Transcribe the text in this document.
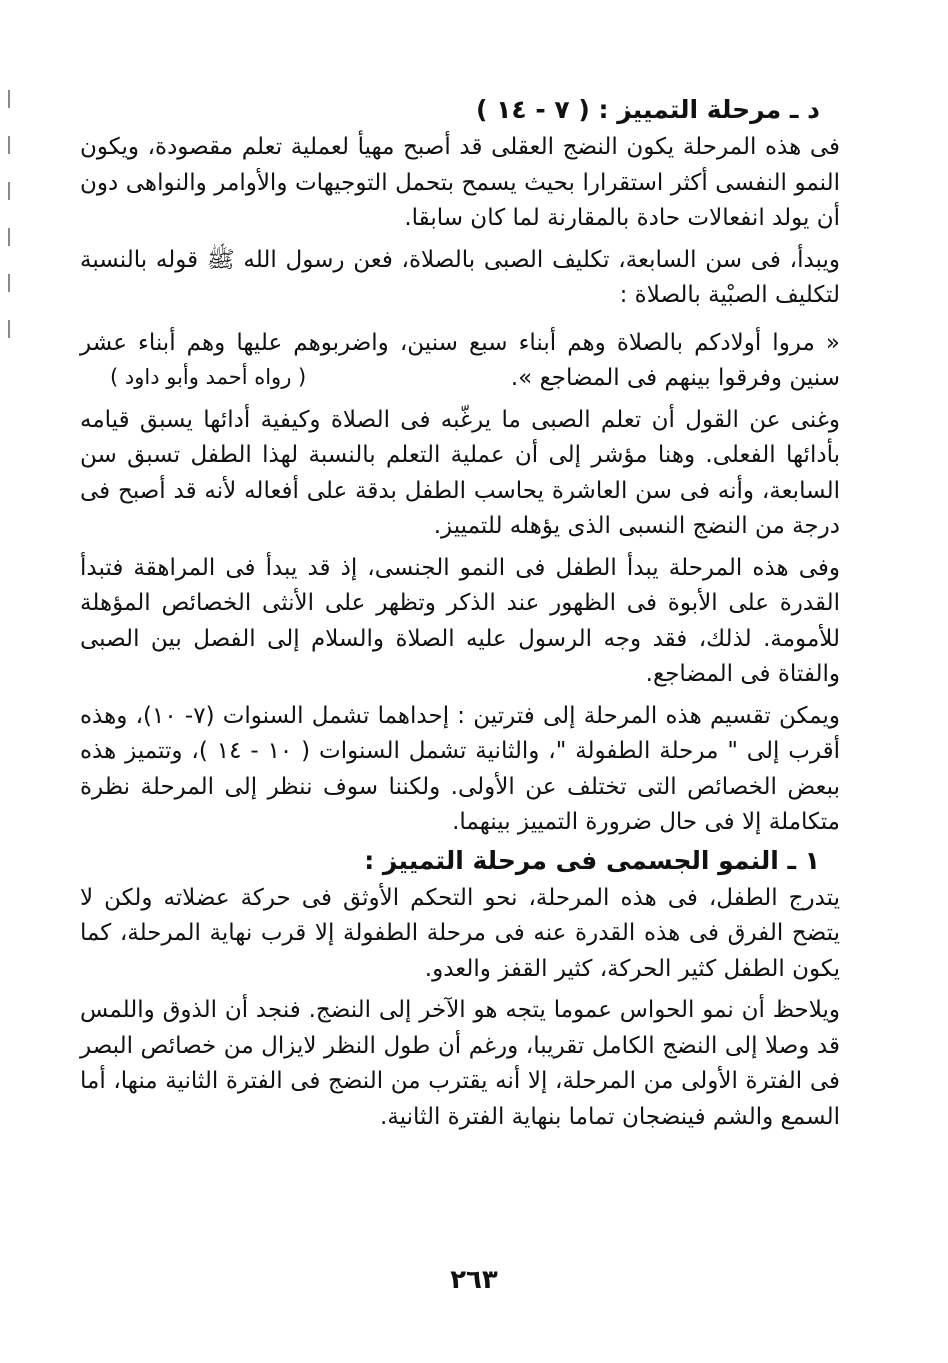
د ـ مرحلة التمييز : ( ٧ - ١٤ )

فى هذه المرحلة يكون النضج العقلى قد أصبح مهيأ لعملية تعلم مقصودة، ويكون النمو النفسى أكثر استقرارا بحيث يسمح بتحمل التوجيهات والأوامر والنواهى دون أن يولد انفعالات حادة بالمقارنة لما كان سابقا.

ويبدأ، فى سن السابعة، تكليف الصبى بالصلاة، فعن رسول الله ﷺ قوله بالنسبة لتكليف الصبْية بالصلاة :

« مروا أولادكم بالصلاة وهم أبناء سبع سنين، واضربوهم عليها وهم أبناء عشر سنين وفرقوا بينهم فى المضاجع ».

( رواه أحمد وأبو داود )

وغنى عن القول أن تعلم الصبى ما يرغّبه فى الصلاة وكيفية أدائها يسبق قيامه بأدائها الفعلى. وهنا مؤشر إلى أن عملية التعلم بالنسبة لهذا الطفل تسبق سن السابعة، وأنه فى سن العاشرة يحاسب الطفل بدقة على أفعاله لأنه قد أصبح فى درجة من النضج النسبى الذى يؤهله للتمييز.

وفى هذه المرحلة يبدأ الطفل فى النمو الجنسى، إذ قد يبدأ فى المراهقة فتبدأ القدرة على الأبوة فى الظهور عند الذكر وتظهر على الأنثى الخصائص المؤهلة للأمومة. لذلك، فقد وجه الرسول عليه الصلاة والسلام إلى الفصل بين الصبى والفتاة فى المضاجع.

ويمكن تقسيم هذه المرحلة إلى فترتين : إحداهما تشمل السنوات (٧- ١٠)، وهذه أقرب إلى " مرحلة الطفولة "، والثانية تشمل السنوات ( ١٠ - ١٤ )، وتتميز هذه ببعض الخصائص التى تختلف عن الأولى. ولكننا سوف ننظر إلى المرحلة نظرة متكاملة إلا فى حال ضرورة التمييز بينهما.

١ ـ النمو الجسمى فى مرحلة التمييز :

يتدرج الطفل، فى هذه المرحلة، نحو التحكم الأوثق فى حركة عضلاته ولكن لا يتضح الفرق فى هذه القدرة عنه فى مرحلة الطفولة إلا قرب نهاية المرحلة، كما يكون الطفل كثير الحركة، كثير القفز والعدو.

ويلاحظ أن نمو الحواس عموما يتجه هو الآخر إلى النضج. فنجد أن الذوق واللمس قد وصلا إلى النضج الكامل تقريبا، ورغم أن طول النظر لايزال من خصائص البصر فى الفترة الأولى من المرحلة، إلا أنه يقترب من النضج فى الفترة الثانية منها، أما السمع والشم فينضجان تماما بنهاية الفترة الثانية.

٢٦٣
